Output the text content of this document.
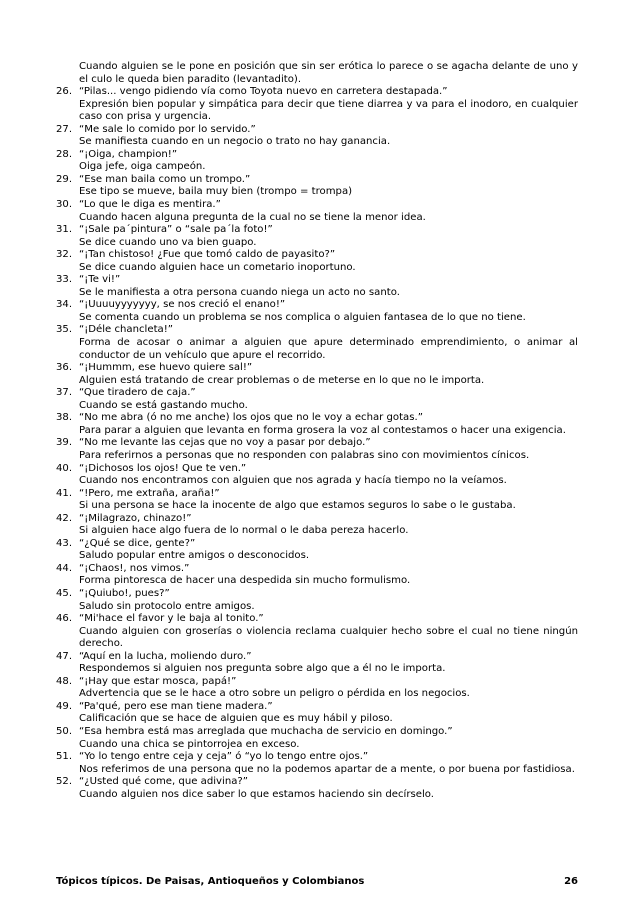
Cuando alguien se le pone en posición que sin ser erótica lo parece o se agacha delante de uno y el culo le queda bien paradito (levantadito).
26. “Pilas... vengo pidiendo vía como Toyota nuevo en carretera destapada.”
Expresión bien popular y simpática para decir que tiene diarrea y va para el inodoro, en cualquier caso con prisa y urgencia.
27. “Me sale lo comido por lo servido.”
Se manifiesta cuando en un negocio o trato no hay ganancia.
28. “¡Oiga, champion!”
Oiga jefe, oiga campeón.
29. “Ese man baila como un trompo.”
Ese tipo se mueve, baila muy bien (trompo = trompa)
30. “Lo que le diga es mentira.”
Cuando hacen alguna pregunta de la cual no se tiene la menor idea.
31. “¡Sale pa´pintura” o “sale pa´la foto!”
Se dice cuando uno va bien guapo.
32. “¡Tan chistoso! ¿Fue que tomó caldo de payasito?”
Se dice cuando alguien hace un cometario inoportuno.
33. “¡Te vi!”
Se le manifiesta a otra persona cuando niega un acto no santo.
34. “¡Uuuuyyyyyyy, se nos creció el enano!”
Se comenta cuando un problema se nos complica o alguien fantasea de lo que no tiene.
35. “¡Déle chancleta!”
Forma de acosar o animar a alguien que apure determinado emprendimiento, o animar al conductor de un vehículo que apure el recorrido.
36. “¡Hummm, ese huevo quiere sal!”
Alguien está tratando de crear problemas o de meterse en lo que no le importa.
37. “Que tiradero de caja.”
Cuando se está gastando mucho.
38. “No me abra (ó no me anche) los ojos que no le voy a echar gotas.”
Para parar a alguien que levanta en forma grosera la voz al contestamos o hacer una exigencia.
39. “No me levante las cejas que no voy a pasar por debajo.”
Para referirnos a personas que no responden con palabras sino con movimientos cínicos.
40. “¡Dichosos los ojos! Que te ven.”
Cuando nos encontramos con alguien que nos agrada y hacía tiempo no la veíamos.
41. “!Pero, me extraña, araña!”
Si una persona se hace la inocente de algo que estamos seguros lo sabe o le gustaba.
42. “¡Milagrazo, chinazo!”
Si alguien hace algo fuera de lo normal o le daba pereza hacerlo.
43. “¿Qué se dice, gente?”
Saludo popular entre amigos o desconocidos.
44. “¡Chaos!, nos vimos.”
Forma pintoresca de hacer una despedida sin mucho formulismo.
45. “¡Quiubo!, pues?”
Saludo sin protocolo entre amigos.
46. “Mi'hace el favor y le baja al tonito.”
Cuando alguien con groserías o violencia reclama cualquier hecho sobre el cual no tiene ningún derecho.
47. “Aquí en la lucha, moliendo duro.”
Respondemos si alguien nos pregunta sobre algo que a él no le importa.
48. “¡Hay que estar mosca, papá!”
Advertencia que se le hace a otro sobre un peligro o pérdida en los negocios.
49. “Pa'qué, pero ese man tiene madera.”
Calificación que se hace de alguien que es muy hábil y piloso.
50. “Esa hembra está mas arreglada que muchacha de servicio en domingo.”
Cuando una chica se pintorrojea en exceso.
51. “Yo lo tengo entre ceja y ceja” ó “yo lo tengo entre ojos.”
Nos referimos de una persona que no la podemos apartar de a mente, o por buena por fastidiosa.
52. “¿Usted qué come, que adivina?”
Cuando alguien nos dice saber lo que estamos haciendo sin decírselo.
Tópicos típicos. De Paisas, Antioqueños y Colombianos	26
